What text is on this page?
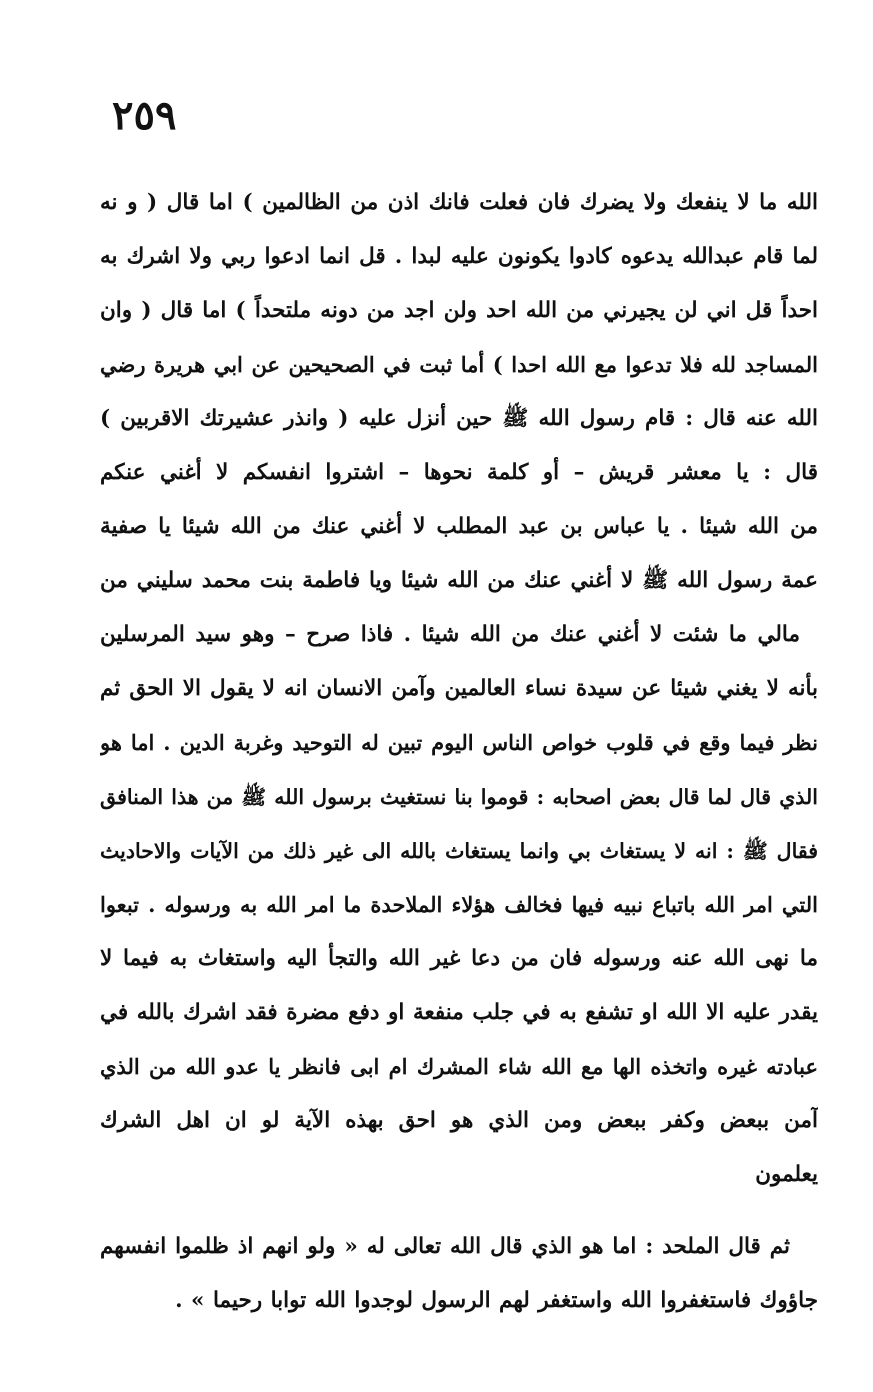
٢٥٩
الله ما لا ينفعك ولا يضرك فان فعلت فانك اذن من الظالمين ) اما قال ( و نه
لما قام عبدالله يدعوه كادوا يكونون عليه لبدا . قل انما ادعوا ربي ولا اشرك به
احداً قل اني لن يجيرني من الله احد ولن اجد من دونه ملتحداً ) اما قال ( وان
المساجد لله فلا تدعوا مع الله احدا ) أما ثبت في الصحيحين عن ابي هريرة رضي
الله عنه قال : قام رسول الله ﷺ حين أنزل عليه ( وانذر عشيرتك الاقربين )
قال : يا معشر قريش – أو كلمة نحوها – اشتروا انفسكم لا أغني عنكم
من الله شيئا . يا عباس بن عبد المطلب لا أغني عنك من الله شيئا يا صفية
عمة رسول الله ﷺ لا أغني عنك من الله شيئا ويا فاطمة بنت محمد سليني من
مالي ما شئت لا أغني عنك من الله شيئا . فاذا صرح – وهو سيد المرسلين
بأنه لا يغني شيئا عن سيدة نساء العالمين وآمن الانسان انه لا يقول الا الحق ثم
نظر فيما وقع في قلوب خواص الناس اليوم تبين له التوحيد وغربة الدين . اما هو
الذي قال لما قال بعض اصحابه : قوموا بنا نستغيث برسول الله ﷺ من هذا المنافق
فقال ﷺ : انه لا يستغاث بي وانما يستغاث بالله الى غير ذلك من الآيات والاحاديث
التي امر الله باتباع نبيه فيها فخالف هؤلاء الملاحدة ما امر الله به ورسوله . تبعوا
ما نهى الله عنه ورسوله فان من دعا غير الله والتجأ اليه واستغاث به فيما لا
يقدر عليه الا الله او تشفع به في جلب منفعة او دفع مضرة فقد اشرك بالله في
عبادته غيره واتخذه الها مع الله شاء المشرك ام ابى فانظر يا عدو الله من الذي
آمن ببعض وكفر ببعض ومن الذي هو احق بهذه الآية لو ان اهل الشرك
يعلمون
ثم قال الملحد : اما هو الذي قال الله تعالى له « ولو انهم اذ ظلموا انفسهم
جاؤوك فاستغفروا الله واستغفر لهم الرسول لوجدوا الله توابا رحيما » .
